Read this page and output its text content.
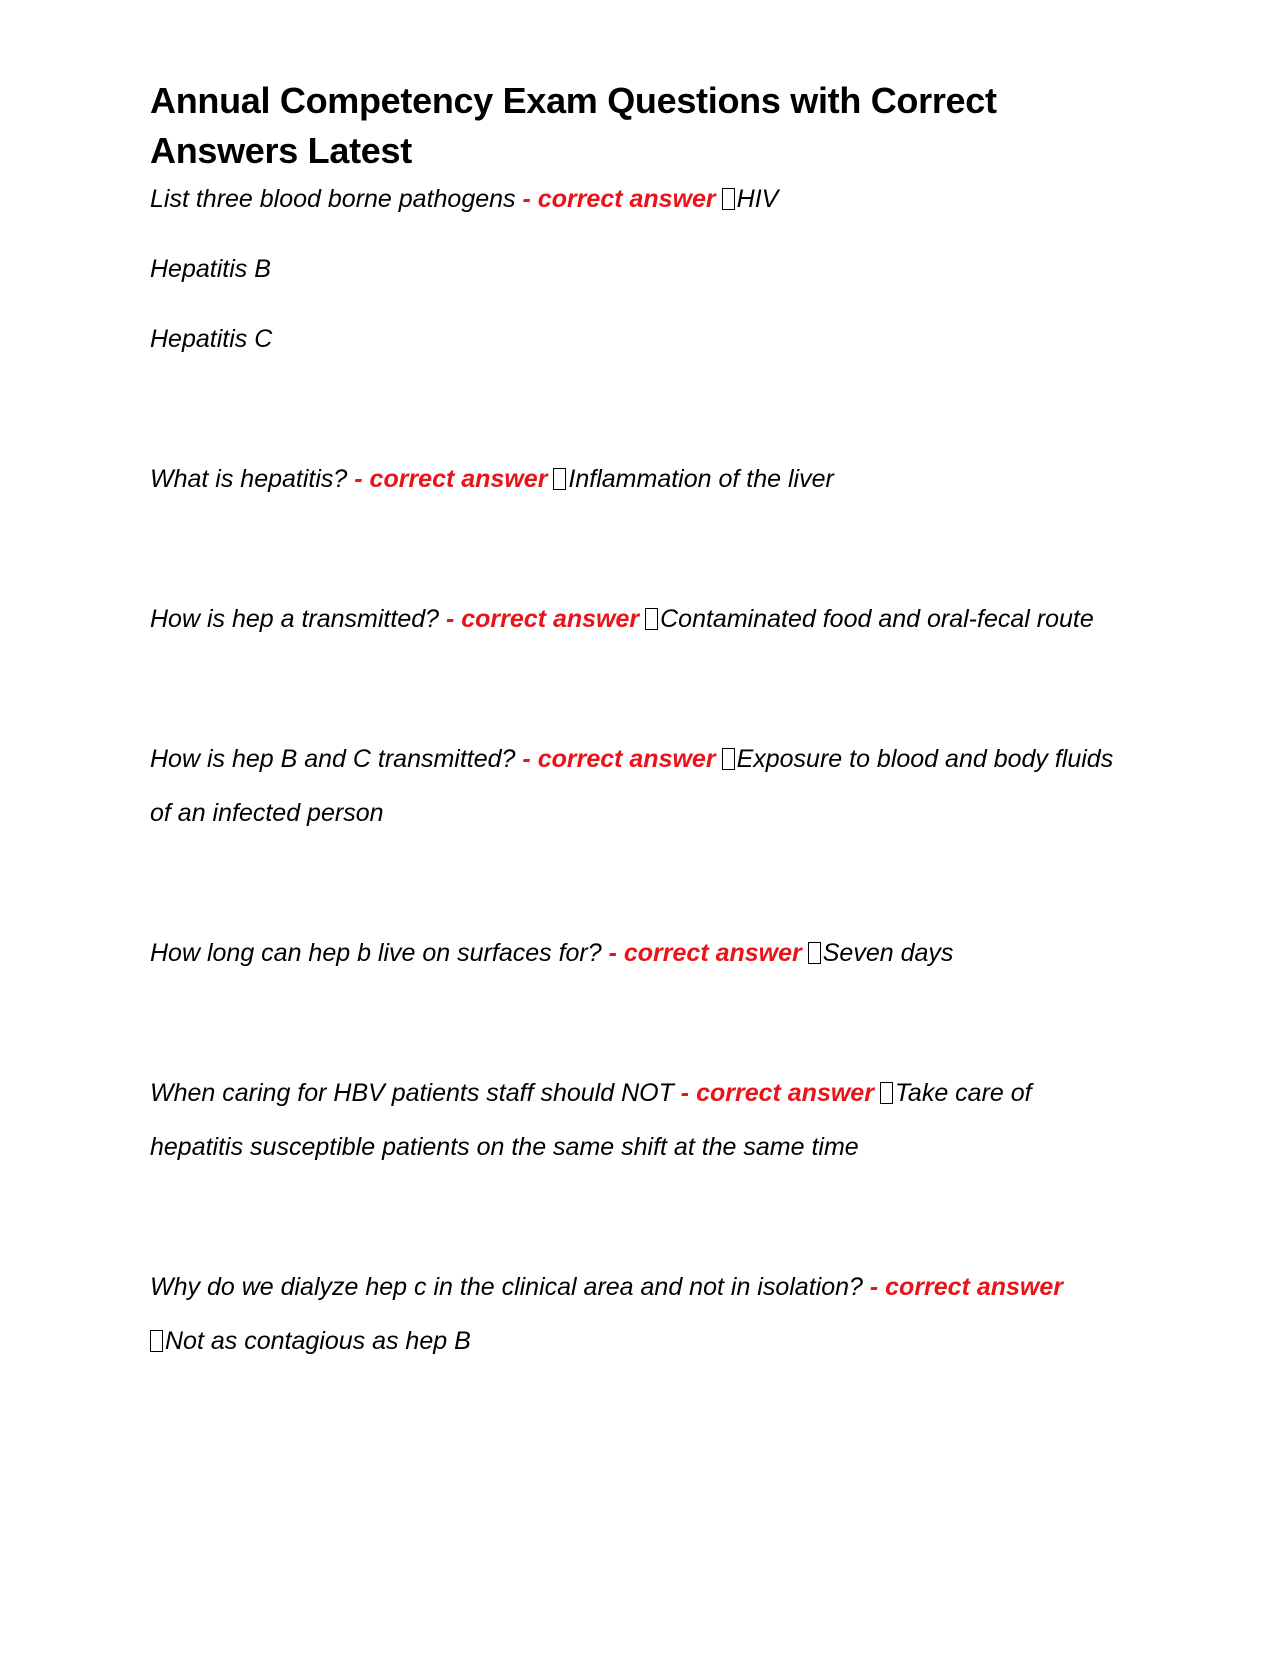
Annual Competency Exam Questions with Correct Answers Latest

List three blood borne pathogens - correct answer HIV

Hepatitis B

Hepatitis C

What is hepatitis? - correct answer Inflammation of the liver

How is hep a transmitted? - correct answer Contaminated food and oral-fecal route

How is hep B and C transmitted? - correct answer Exposure to blood and body fluids of an infected person

How long can hep b live on surfaces for? - correct answer Seven days

When caring for HBV patients staff should NOT - correct answer Take care of hepatitis susceptible patients on the same shift at the same time

Why do we dialyze hep c in the clinical area and not in isolation? - correct answer
Not as contagious as hep B
